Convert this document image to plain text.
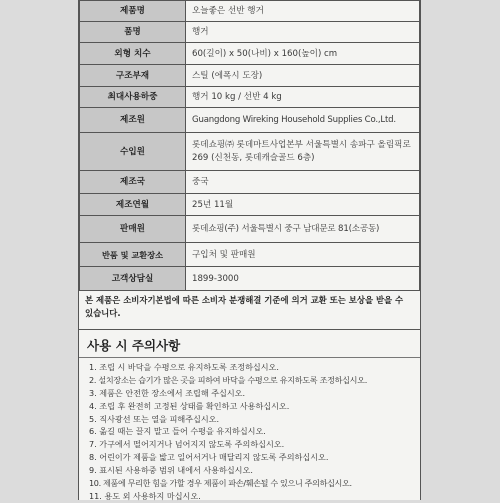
제품명	오늘좋은 선반 행거
품명	행거
외형 치수	60(길이) x 50(나비) x 160(높이) cm
구조부재	스틸 (에폭시 도장)
최대사용하중	행거 10 kg / 선반 4 kg
제조원	Guangdong Wireking Household Supplies Co.,Ltd.
수입원	롯데쇼핑㈜ 롯데마트사업본부 서울특별시 송파구 올림픽로 269 (신천동, 롯데캐슬골드 6층)
제조국	중국
제조연월	25년 11월
판매원	롯데쇼핑(주) 서울특별시 중구 남대문로 81(소공동)
반품 및 교환장소	구입처 및 판매원
고객상담실	1899-3000
본 제품은 소비자기본법에 따른 소비자 분쟁해결 기준에 의거 교환 또는 보상을 받을 수 있습니다.
사용 시 주의사항
1. 조립 시 바닥을 수평으로 유지하도록 조정하십시오.
2. 설치장소는 습기가 많은 곳을 피하여 바닥을 수평으로 유지하도록 조정하십시오.
3. 제품은 안전한 장소에서 조립해 주십시오.
4. 조립 후 완전히 고정된 상태를 확인하고 사용하십시오.
5. 직사광선 또는 열을 피해주십시오.
6. 옮길 때는 끌지 말고 들어 수평을 유지하십시오.
7. 가구에서 떨어지거나 넘어지지 않도록 주의하십시오.
8. 어린이가 제품을 밟고 일어서거나 매달리지 않도록 주의하십시오.
9. 표시된 사용하중 범위 내에서 사용하십시오.
10. 제품에 무리한 힘을 가할 경우 제품이 파손/훼손될 수 있으니 주의하십시오.
11. 용도 외 사용하지 마십시오.
